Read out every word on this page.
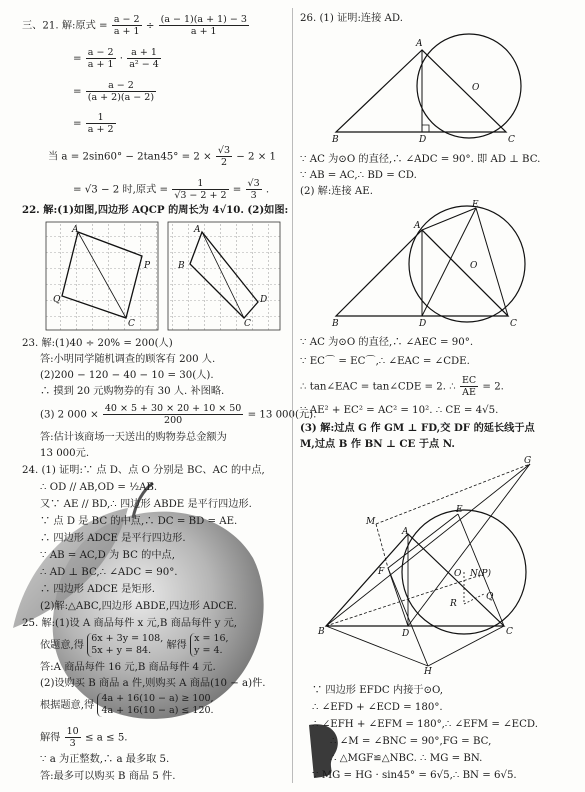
三、21. 解:原式 = $\frac{a - 2}{a + 1} \div \frac{(a - 1)(a + 1) - 3}{a + 1}$
= $\frac{a - 2}{a + 1} \cdot \frac{a + 1}{\text{a² − 4}}$
= $\frac{a - 2}{(a + 2)(a - 2)}$
= $\frac{1}{a + 2}$
当 $a = 2\sin 60^\circ - 2\tan 45^\circ = 2 \times \frac{√3}{2} - 2 \times 1$
= √3 − 2 时,原式 = $\frac{1}{√3 - 2 + 2} = \frac{√3}{3}$ .
22. 解:(1)如图,四边形 AQCP 的周长为 4√10. (2)如图:
A
P
C
Q
A
B
D
C
23. 解:(1)40 ÷ 20% = 200(人)
答:小明同学随机调查的顾客有 200 人.
(2)200 − 120 − 40 − 10 = 30(人).
∴ 摸到 20 元购物券的有 30 人. 补图略.
(3) 2 $000 \times \frac{40 \times 5 + 30 \times 20 + 10 \times 50}{200} = 13$ 000(元).
答:估计该商场一天送出的购物券总金额为
13 000元.
24. (1) 证明:∵ 点 D、点 O 分别是 BC、AC 的中点,
∴ OD // AB,OD = ½AB.
又∵ AE // BD,∴ 四边形 ABDE 是平行四边形.
∵ 点 D 是 BC 的中点,∴ DC = BD = AE.
∴ 四边形 ADCE 是平行四边形.
∵ AB = AC,D 为 BC 的中点,
∴ AD ⊥ BC,∴ ∠ADC = 90°.
∴ 四边形 ADCE 是矩形.
(2)解:△ABC,四边形 ABDE,四边形 ADCE.
25. 解:(1)设 A 商品每件 x 元,B 商品每件 y 元,
依题意,得 6x + 3y = 108,
5x + y = 84. 解得 x = 16,
y = 4.
答:A 商品每件 16 元,B 商品每件 4 元.
(2)设购买 B 商品 a 件,则购买 A 商品(10 − a)件.
根据题意,得 4a + 16(10 − a) ≥ 100,
4a + 16(10 − a) ≤ 120.
解得 $\frac{10}{3} \le a \le 5$.
∵ a 为正整数,∴ a 最多取 5.
答:最多可以购买 B 商品 5 件.
26. (1) 证明:连接 AD.
A
O
B	D	C
∵ AC 为⊙O 的直径,∴ ∠ADC = 90°. 即 AD ⊥ BC.
∵ AB = AC,∴ BD = CD.
(2) 解:连接 AE.
A
E
O
B	D	C
∵ AC 为⊙O 的直径,∴ ∠AEC = 90°.
∵ EC⌒ = EC⌒,∴ ∠EAC = ∠CDE.
∴ tan∠EAC = tan∠CDE = 2. ∴ $\frac{EC}{AE} = 2$.
∵ AE² + EC² = AC² = 10². ∴ CE = 4√5.
(3) 解:过点 G 作 GM ⊥ FD,交 DF 的延长线于点
M,过点 B 作 BN ⊥ CE 于点 N.
G
M
E
A
F	O N(P)
R
Q
B	D	C
H
∵ 四边形 EFDC 内接于⊙O,
∴ ∠EFD + ∠ECD = 180°.
∴ ∠EFH + ∠EFM = 180°,∴ ∠EFM = ∠ECD.
∴ ∠M = ∠BNC = 90°,FG = BC,
∴ △MGF≌△NBC. ∴ MG = BN.
∵ MG = HG · sin45° = 6√5,∴ BN = 6√5.
